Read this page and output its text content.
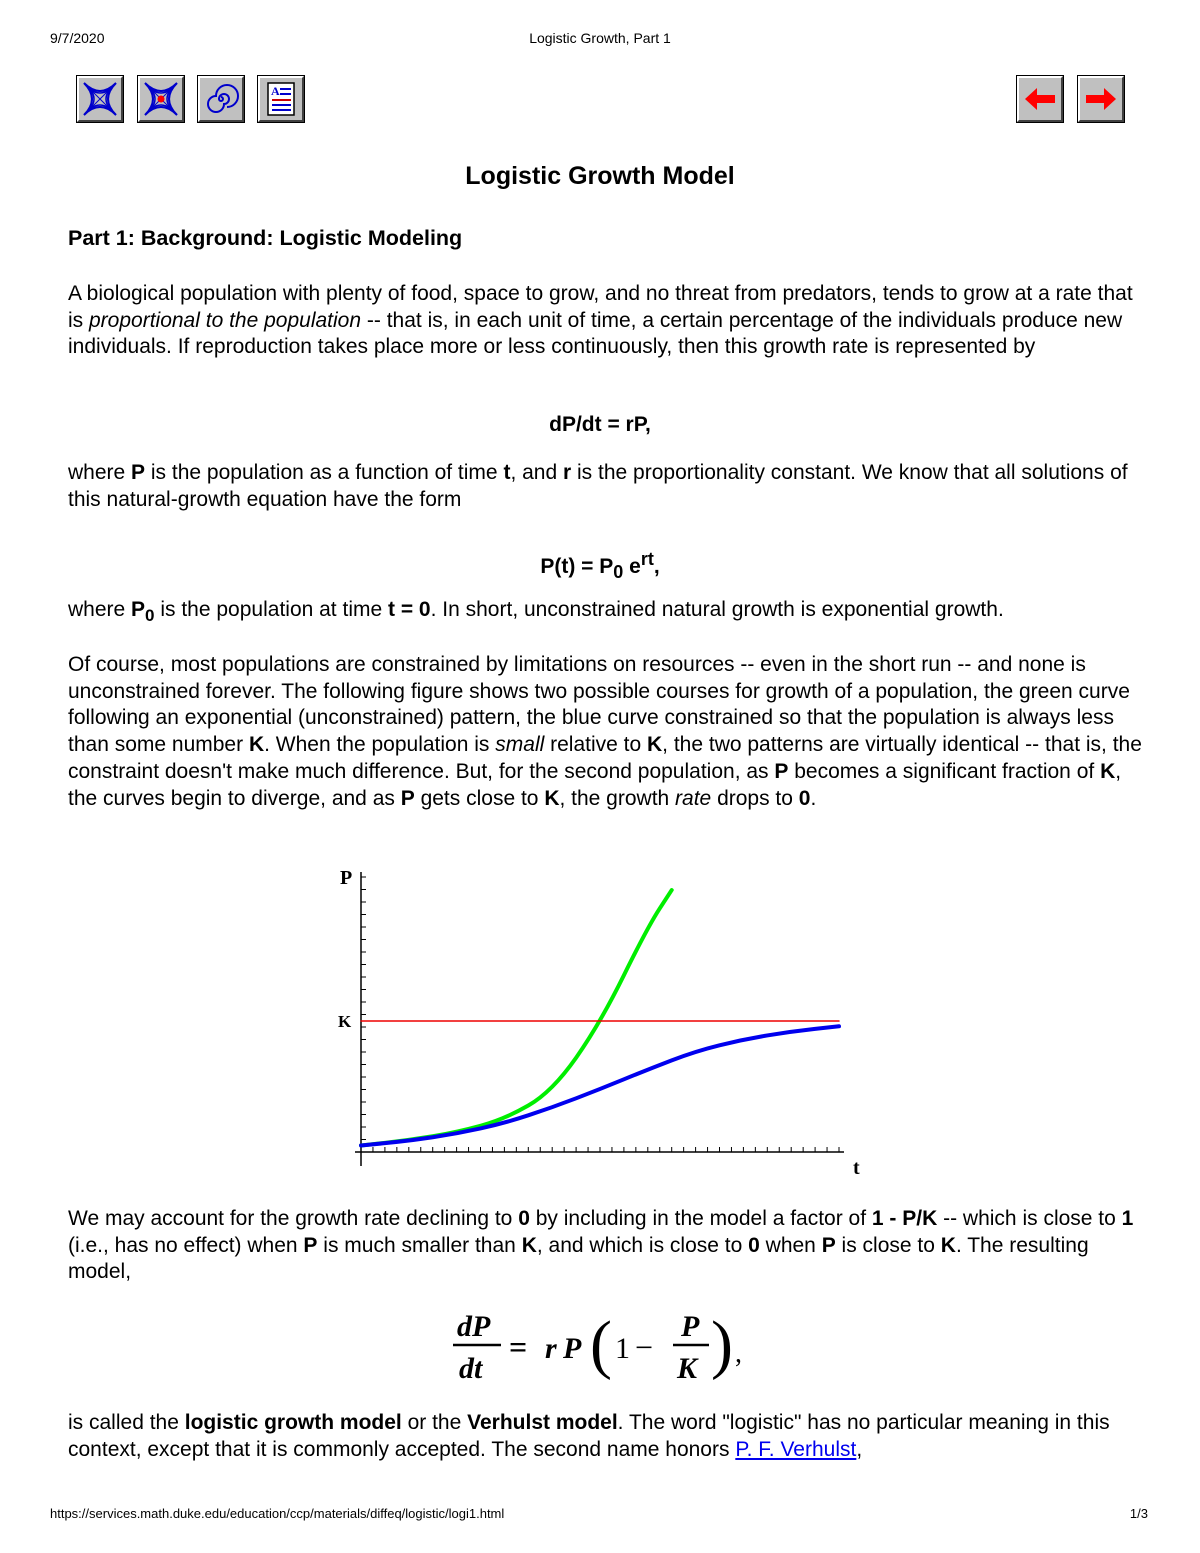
9/7/2020	Logistic Growth, Part 1
https://services.math.duke.edu/education/ccp/materials/diffeq/logistic/logi1.html	1/3
A
Logistic Growth Model
Part 1: Background: Logistic Modeling

A biological population with plenty of food, space to grow, and no threat from predators, tends to grow at a rate that is proportional to the population -- that is, in each unit of time, a certain percentage of the individuals produce new individuals. If reproduction takes place more or less continuously, then this growth rate is represented by

dP/dt = rP,

where P is the population as a function of time t, and r is the proportionality constant. We know that all solutions of this natural-growth equation have the form

$P(t) = P_0$ $e^{rt}$,

where $P_0$ is the population at time t = 0. In short, unconstrained natural growth is exponential growth.

Of course, most populations are constrained by limitations on resources -- even in the short run -- and none is unconstrained forever. The following figure shows two possible courses for growth of a population, the green curve following an exponential (unconstrained) pattern, the blue curve constrained so that the population is always less than some number K. When the population is small relative to K, the two patterns are virtually identical -- that is, the constraint doesn't make much difference. But, for the second population, as P becomes a significant fraction of K, the curves begin to diverge, and as P gets close to K, the growth rate drops to 0.

We may account for the growth rate declining to 0 by including in the model a factor of 1 - P/K -- which is close to 1 (i.e., has no effect) when P is much smaller than K, and which is close to 0 when P is close to K. The resulting model,

is called the logistic growth model or the Verhulst model. The word "logistic" has no particular meaning in this context, except that it is commonly accepted. The second name honors P. F. Verhulst,

P
t
K
dP
dt
= r P ( 1 −
P
K ) ,
